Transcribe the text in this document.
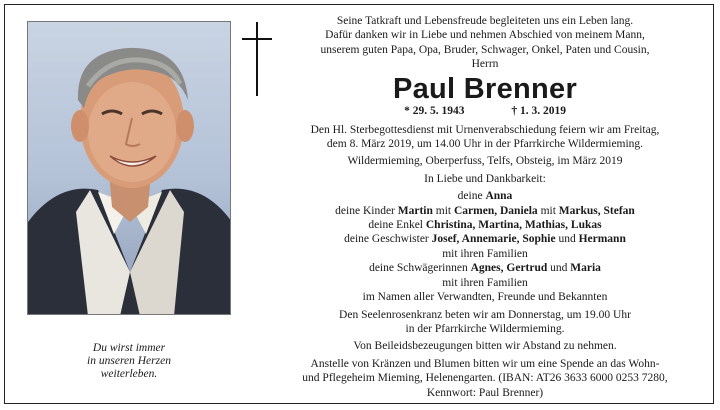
Du wirst immer
in unseren Herzen
weiterleben.
Seine Tatkraft und Lebensfreude begleiteten uns ein Leben lang.
Dafür danken wir in Liebe und nehmen Abschied von meinem Mann,
unserem guten Papa, Opa, Bruder, Schwager, Onkel, Paten und Cousin,
Herrn
Paul Brenner
* 29. 5. 1943	† 1. 3. 2019
Den Hl. Sterbegottesdienst mit Urnenverabschiedung feiern wir am Freitag,
dem 8. März 2019, um 14.00 Uhr in der Pfarrkirche Wildermieming.
Wildermieming, Oberperfuss, Telfs, Obsteig, im März 2019
In Liebe und Dankbarkeit:
deine Anna
deine Kinder Martin mit Carmen, Daniela mit Markus, Stefan
deine Enkel Christina, Martina, Mathias, Lukas
deine Geschwister Josef, Annemarie, Sophie und Hermann
mit ihren Familien
deine Schwägerinnen Agnes, Gertrud und Maria
mit ihren Familien
im Namen aller Verwandten, Freunde und Bekannten
Den Seelenrosenkranz beten wir am Donnerstag, um 19.00 Uhr
in der Pfarrkirche Wildermieming.
Von Beileidsbezeugungen bitten wir Abstand zu nehmen.
Anstelle von Kränzen und Blumen bitten wir um eine Spende an das Wohn-
und Pflegeheim Mieming, Helenengarten. (IBAN: AT26 3633 6000 0253 7280,
Kennwort: Paul Brenner)
